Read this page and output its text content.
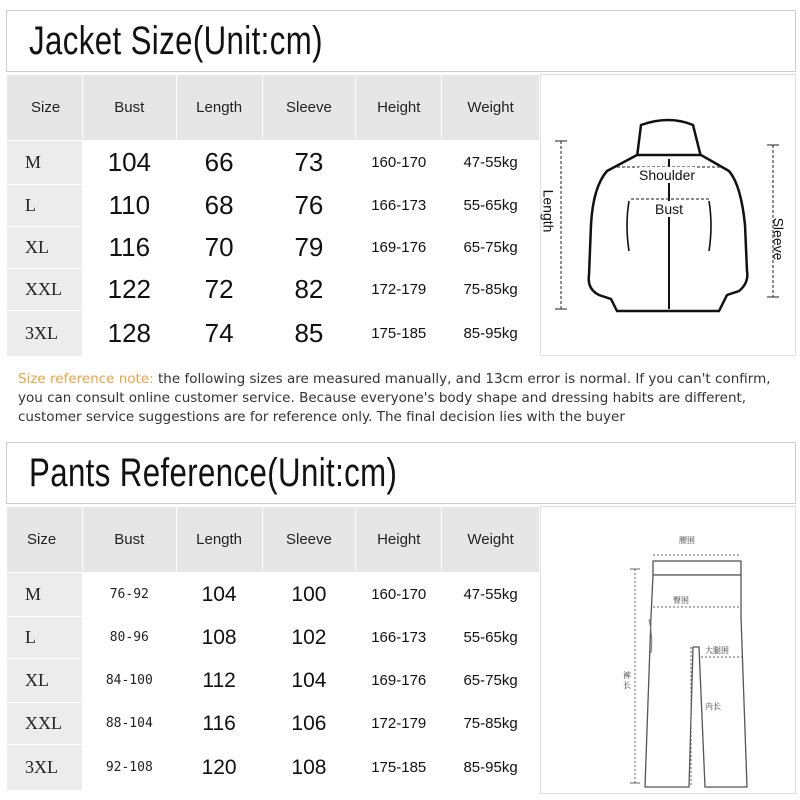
Jacket Size(Unit:cm)
Size	Bust	Length	Sleeve	Height	Weight
M	104	66	73	160-170	47-55kg
L	110	68	76	166-173	55-65kg
XL	116	70	79	169-176	65-75kg
XXL	122	72	82	172-179	75-85kg
3XL	128	74	85	175-185	85-95kg
Shoulder
Bust
Length
Sleeve
Size reference note: the following sizes are measured manually, and 13cm error is normal. If you can't confirm, you can consult online customer service. Because everyone's body shape and dressing habits are different, customer service suggestions are for reference only. The final decision lies with the buyer
Pants Reference(Unit:cm)
Size	Bust	Length	Sleeve	Height	Weight
M	76-92	104	100	160-170	47-55kg
L	80-96	108	102	166-173	55-65kg
XL	84-100	112	104	169-176	65-75kg
XXL	88-104	116	106	172-179	75-85kg
3XL	92-108	120	108	175-185	85-95kg
腰围
臀围
大腿围
内长
裤长
